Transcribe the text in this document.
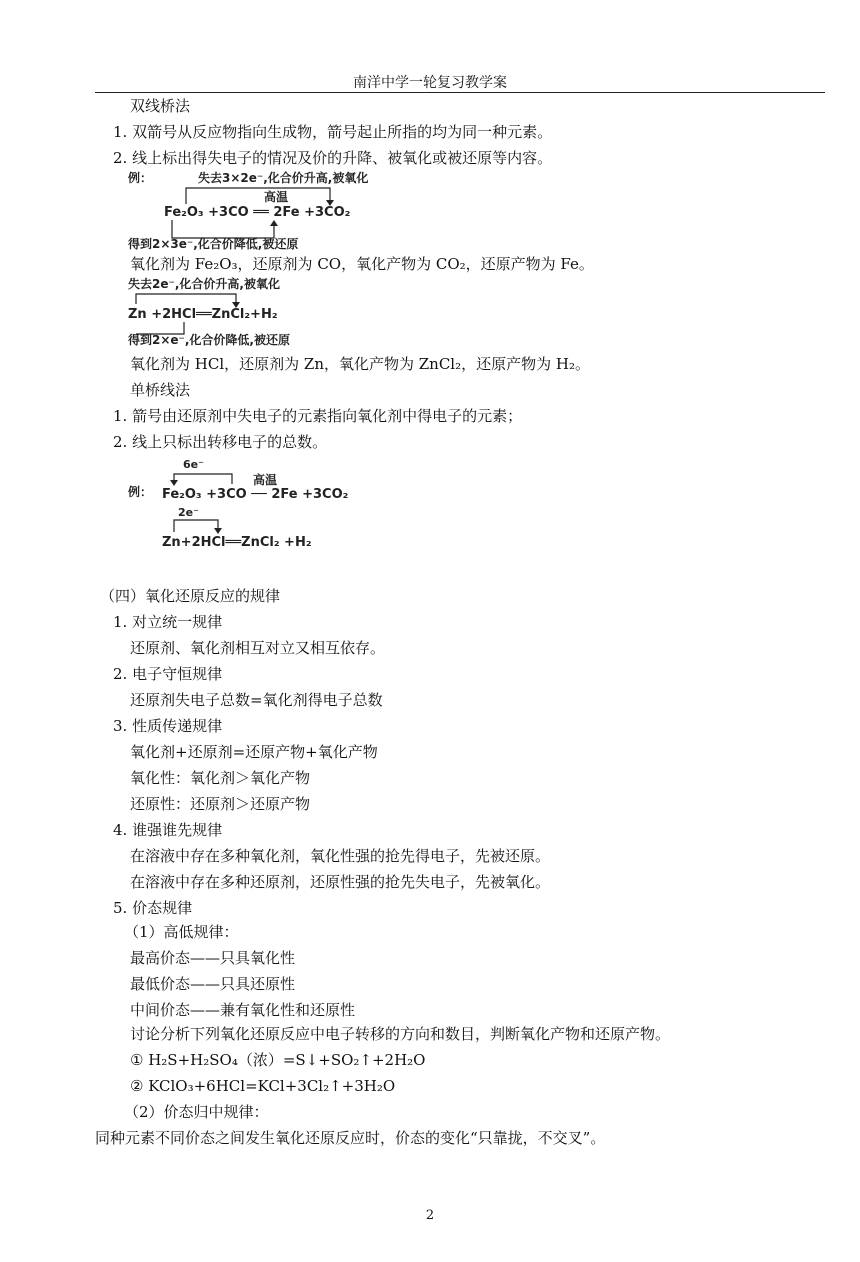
南洋中学一轮复习教学案
双线桥法
1. 双箭号从反应物指向生成物，箭号起止所指的均为同一种元素。
2. 线上标出得失电子的情况及价的升降、被氧化或被还原等内容。
例：	失去3×2e⁻,化合价升高,被氧化
高温
Fe₂O₃ +3CO ══ 2Fe +3CO₂
得到2×3e⁻,化合价降低,被还原
氧化剂为 Fe₂O₃，还原剂为 CO，氧化产物为 CO₂，还原产物为 Fe。
失去2e⁻,化合价升高,被氧化
Zn +2HCl══ZnCl₂+H₂
得到2×e⁻,化合价降低,被还原
氧化剂为 HCl，还原剂为 Zn，氧化产物为 ZnCl₂，还原产物为 H₂。
单桥线法
1. 箭号由还原剂中失电子的元素指向氧化剂中得电子的元素；
2. 线上只标出转移电子的总数。
6e⁻
例：
高温
Fe₂O₃ +3CO ── 2Fe +3CO₂
2e⁻
Zn+2HCl══ZnCl₂ +H₂
（四）氧化还原反应的规律
1. 对立统一规律
还原剂、氧化剂相互对立又相互依存。
2. 电子守恒规律
还原剂失电子总数=氧化剂得电子总数
3. 性质传递规律
氧化剂+还原剂=还原产物+氧化产物
氧化性：氧化剂＞氧化产物
还原性：还原剂＞还原产物
4. 谁强谁先规律
在溶液中存在多种氧化剂，氧化性强的抢先得电子，先被还原。
在溶液中存在多种还原剂，还原性强的抢先失电子，先被氧化。
5. 价态规律
（1）高低规律：
最高价态——只具氧化性
最低价态——只具还原性
中间价态——兼有氧化性和还原性
讨论分析下列氧化还原反应中电子转移的方向和数目，判断氧化产物和还原产物。
① H₂S+H₂SO₄（浓）=S↓+SO₂↑+2H₂O
② KClO₃+6HCl=KCl+3Cl₂↑+3H₂O
（2）价态归中规律：
同种元素不同价态之间发生氧化还原反应时，价态的变化“只靠拢，不交叉”。
2
